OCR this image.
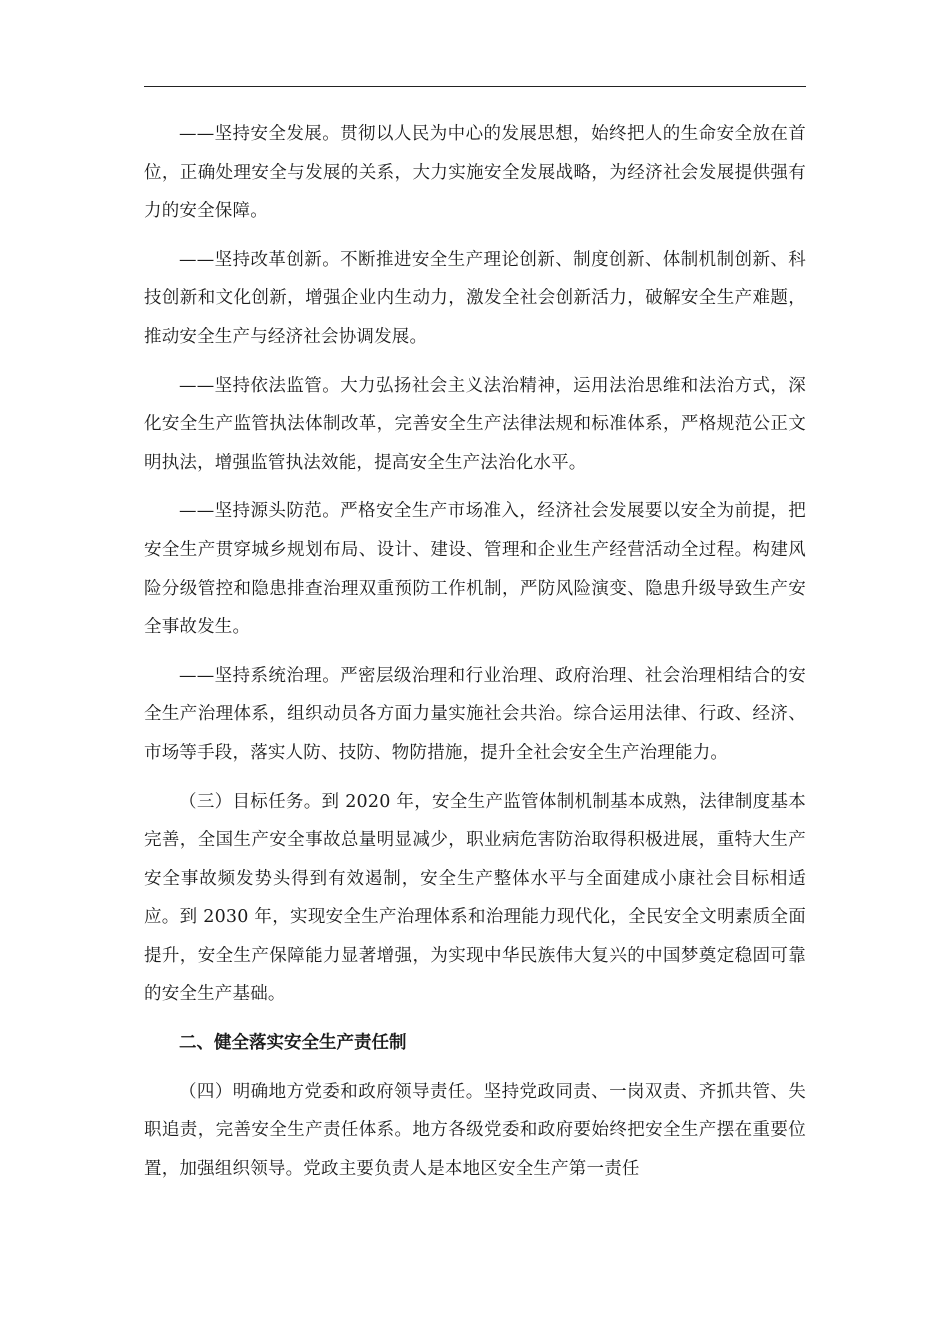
——坚持安全发展。贯彻以人民为中心的发展思想，始终把人的生命安全放在首位，正确处理安全与发展的关系，大力实施安全发展战略，为经济社会发展提供强有力的安全保障。

——坚持改革创新。不断推进安全生产理论创新、制度创新、体制机制创新、科技创新和文化创新，增强企业内生动力，激发全社会创新活力，破解安全生产难题，推动安全生产与经济社会协调发展。

——坚持依法监管。大力弘扬社会主义法治精神，运用法治思维和法治方式，深化安全生产监管执法体制改革，完善安全生产法律法规和标准体系，严格规范公正文明执法，增强监管执法效能，提高安全生产法治化水平。

——坚持源头防范。严格安全生产市场准入，经济社会发展要以安全为前提，把安全生产贯穿城乡规划布局、设计、建设、管理和企业生产经营活动全过程。构建风险分级管控和隐患排查治理双重预防工作机制，严防风险演变、隐患升级导致生产安全事故发生。

——坚持系统治理。严密层级治理和行业治理、政府治理、社会治理相结合的安全生产治理体系，组织动员各方面力量实施社会共治。综合运用法律、行政、经济、市场等手段，落实人防、技防、物防措施，提升全社会安全生产治理能力。

（三）目标任务。到 2020 年，安全生产监管体制机制基本成熟，法律制度基本完善，全国生产安全事故总量明显减少，职业病危害防治取得积极进展，重特大生产安全事故频发势头得到有效遏制，安全生产整体水平与全面建成小康社会目标相适应。到 2030 年，实现安全生产治理体系和治理能力现代化，全民安全文明素质全面提升，安全生产保障能力显著增强，为实现中华民族伟大复兴的中国梦奠定稳固可靠的安全生产基础。

二、健全落实安全生产责任制

（四）明确地方党委和政府领导责任。坚持党政同责、一岗双责、齐抓共管、失职追责，完善安全生产责任体系。地方各级党委和政府要始终把安全生产摆在重要位置，加强组织领导。党政主要负责人是本地区安全生产第一责任
